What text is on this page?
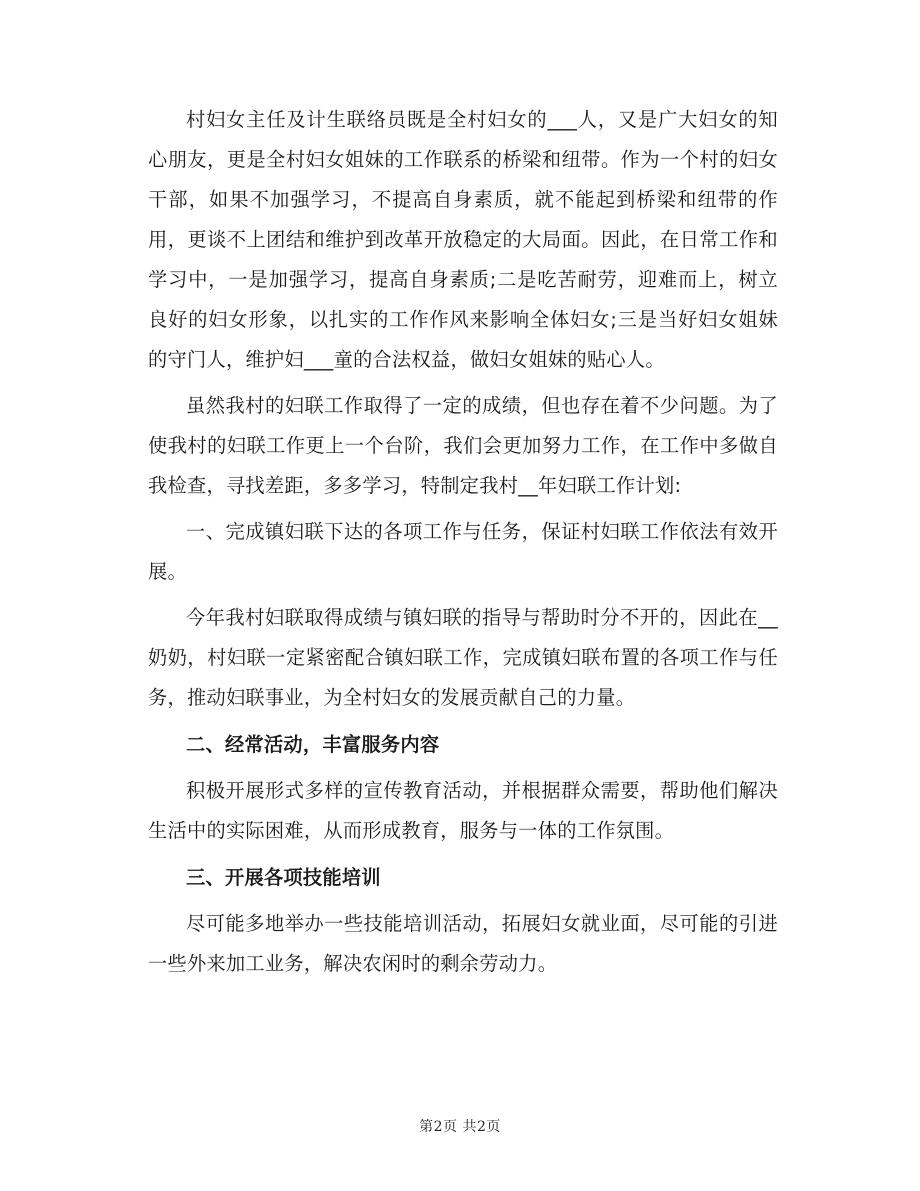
村妇女主任及计生联络员既是全村妇女的___人，又是广大妇女的知心朋友，更是全村妇女姐妹的工作联系的桥梁和纽带。作为一个村的妇女干部，如果不加强学习，不提高自身素质，就不能起到桥梁和纽带的作用，更谈不上团结和维护到改革开放稳定的大局面。因此，在日常工作和学习中，一是加强学习，提高自身素质;二是吃苦耐劳，迎难而上，树立良好的妇女形象，以扎实的工作作风来影响全体妇女;三是当好妇女姐妹的守门人，维护妇___童的合法权益，做妇女姐妹的贴心人。

虽然我村的妇联工作取得了一定的成绩，但也存在着不少问题。为了使我村的妇联工作更上一个台阶，我们会更加努力工作，在工作中多做自我检查，寻找差距，多多学习，特制定我村__年妇联工作计划:

一、完成镇妇联下达的各项工作与任务，保证村妇联工作依法有效开展。

今年我村妇联取得成绩与镇妇联的指导与帮助时分不开的，因此在__奶奶，村妇联一定紧密配合镇妇联工作，完成镇妇联布置的各项工作与任务，推动妇联事业，为全村妇女的发展贡献自己的力量。

二、经常活动，丰富服务内容

积极开展形式多样的宣传教育活动，并根据群众需要，帮助他们解决生活中的实际困难，从而形成教育，服务与一体的工作氛围。

三、开展各项技能培训

尽可能多地举办一些技能培训活动，拓展妇女就业面，尽可能的引进一些外来加工业务，解决农闲时的剩余劳动力。

第2页 共2页
